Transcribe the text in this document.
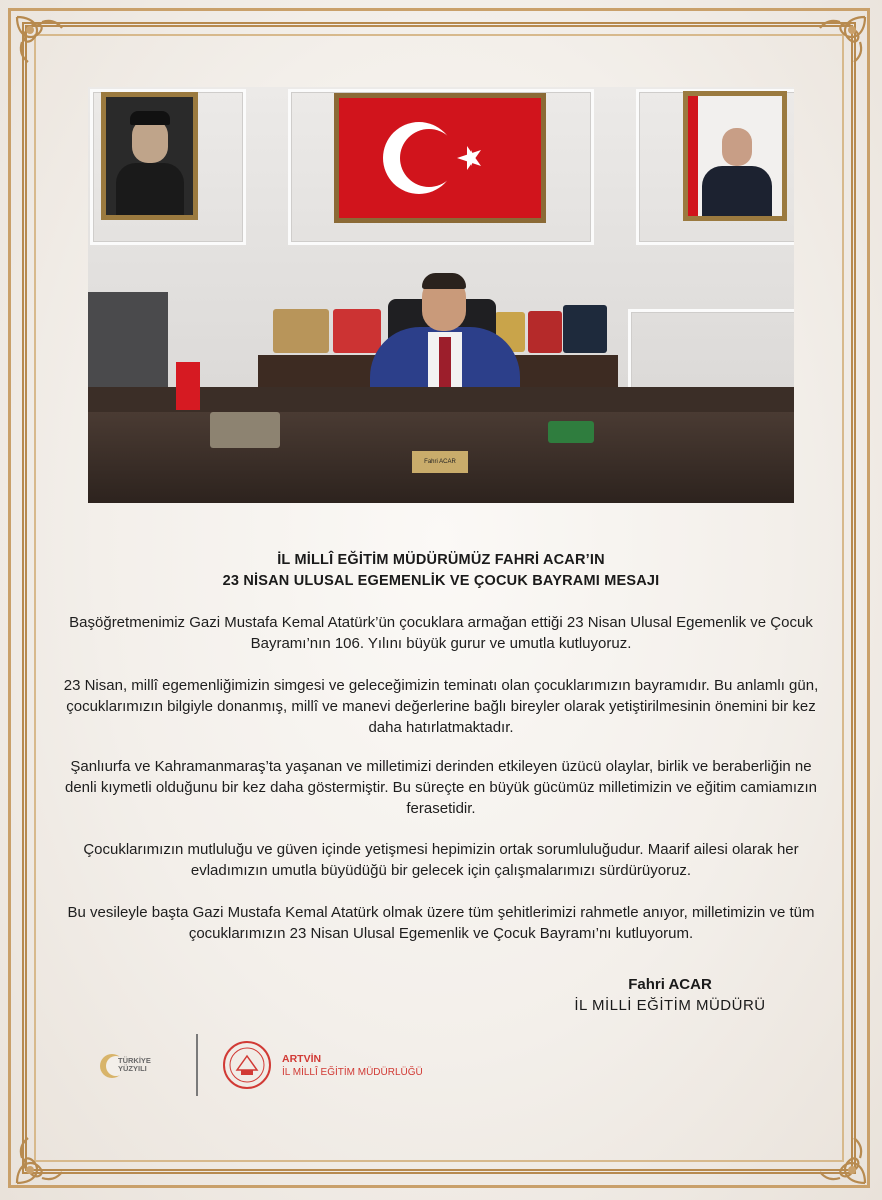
Fahri ACAR
İL MİLLÎ EĞİTİM MÜDÜRÜMÜZ FAHRİ ACAR’IN
23 NİSAN ULUSAL EGEMENLİK VE ÇOCUK BAYRAMI MESAJI
Başöğretmenimiz Gazi Mustafa Kemal Atatürk’ün çocuklara armağan ettiği 23 Nisan Ulusal Egemenlik ve Çocuk Bayramı’nın 106. Yılını büyük gurur ve umutla kutluyoruz.
23 Nisan, millî egemenliğimizin simgesi ve geleceğimizin teminatı olan çocuklarımızın bayramıdır. Bu anlamlı gün, çocuklarımızın bilgiyle donanmış, millî ve manevi değerlerine bağlı bireyler olarak yetiştirilmesinin önemini bir kez daha hatırlatmaktadır.
Şanlıurfa ve Kahramanmaraş’ta yaşanan ve milletimizi derinden etkileyen üzücü olaylar, birlik ve beraberliğin ne denli kıymetli olduğunu bir kez daha göstermiştir. Bu süreçte en büyük gücümüz milletimizin ve eğitim camiamızın ferasetidir.
Çocuklarımızın mutluluğu ve güven içinde yetişmesi hepimizin ortak sorumluluğudur. Maarif ailesi olarak her evladımızın umutla büyüdüğü bir gelecek için çalışmalarımızı sürdürüyoruz.
Bu vesileyle başta Gazi Mustafa Kemal Atatürk olmak üzere tüm şehitlerimizi rahmetle anıyor, milletimizin ve tüm çocuklarımızın 23 Nisan Ulusal Egemenlik ve Çocuk Bayramı’nı kutluyorum.
Fahri ACAR
İL MİLLİ EĞİTİM MÜDÜRÜ
TÜRKİYE
YÜZYILI
ARTVİN
İL MİLLÎ EĞİTİM MÜDÜRLÜĞÜ
